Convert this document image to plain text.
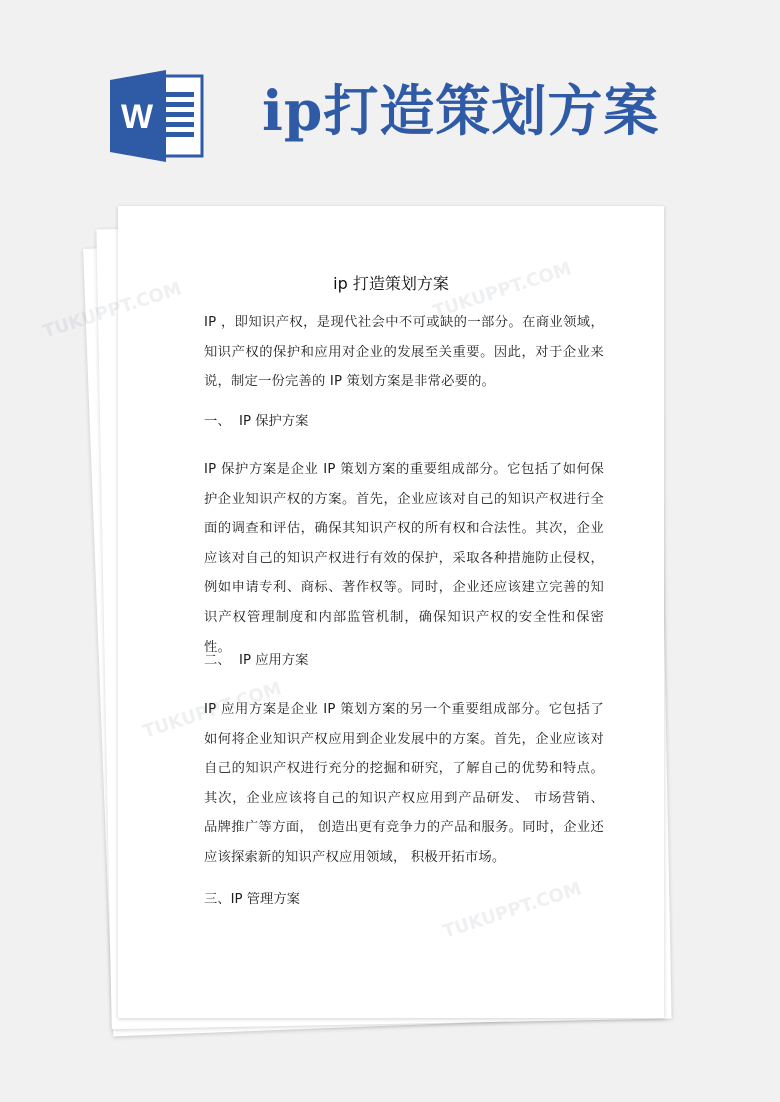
W ip打造策划方案
ip 打造策划方案

IP ，即知识产权，是现代社会中不可或缺的一部分。在商业领域，知识产权的保护和应用对企业的发展至关重要。因此，对于企业来说，制定一份完善的 IP 策划方案是非常必要的。

一、  IP 保护方案

IP 保护方案是企业 IP 策划方案的重要组成部分。它包括了如何保护企业知识产权的方案。首先，企业应该对自己的知识产权进行全面的调查和评估，确保其知识产权的所有权和合法性。其次，企业应该对自己的知识产权进行有效的保护，采取各种措施防止侵权，例如申请专利、商标、著作权等。同时，企业还应该建立完善的知识产权管理制度和内部监管机制，确保知识产权的安全性和保密性。

二、  IP 应用方案

IP 应用方案是企业 IP 策划方案的另一个重要组成部分。它包括了如何将企业知识产权应用到企业发展中的方案。首先，企业应该对自己的知识产权进行充分的挖掘和研究，了解自己的优势和特点。其次，企业应该将自己的知识产权应用到产品研发、 市场营销、 品牌推广等方面， 创造出更有竞争力的产品和服务。同时，企业还应该探索新的知识产权应用领域， 积极开拓市场。

三、IP 管理方案
